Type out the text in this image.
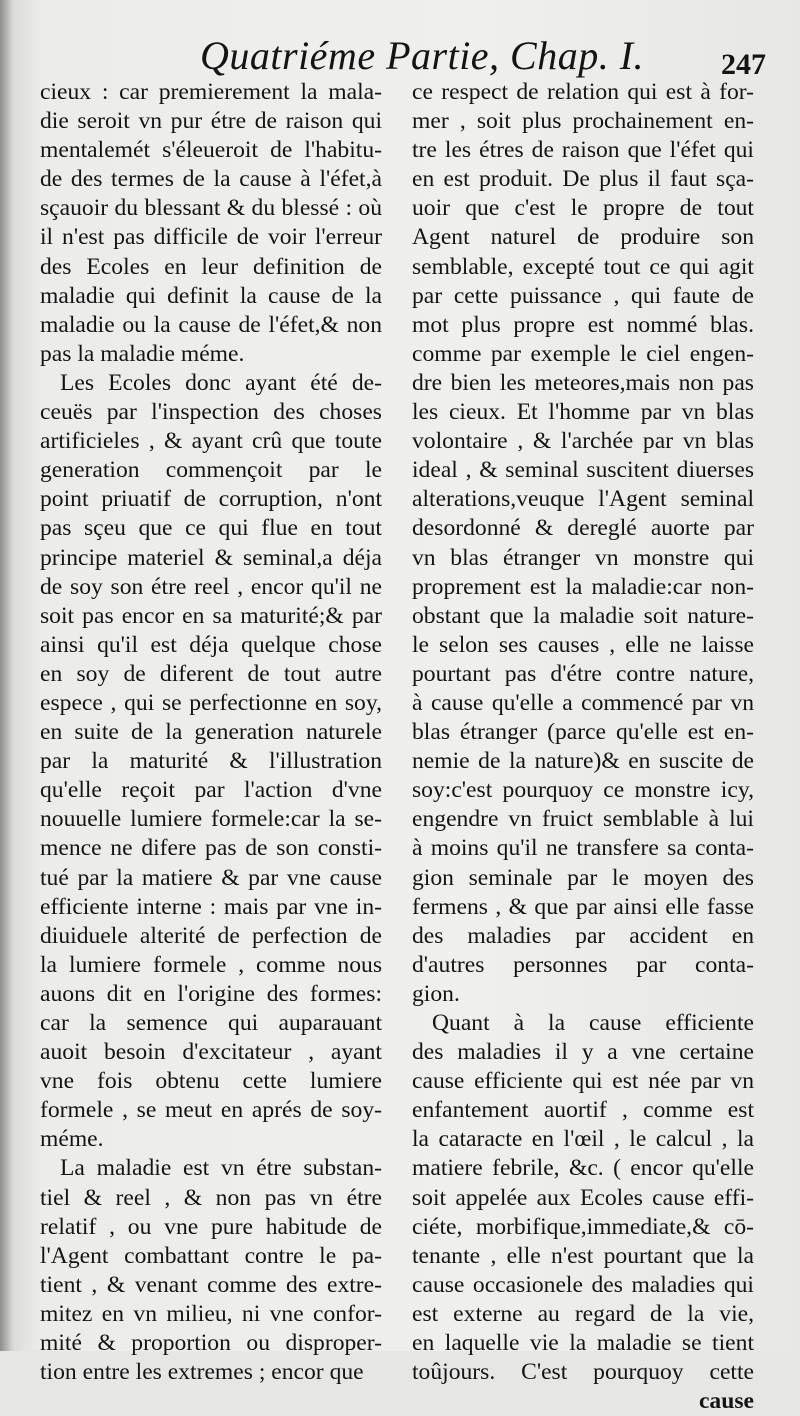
Quatriéme Partie, Chap. I.	247
cieux : car premierement la mala-
die seroit vn pur étre de raison qui
mentalemét s'éleueroit de l'habitu-
de des termes de la cause à l'éfet,à
sçauoir du blessant & du blessé : où
il n'est pas difficile de voir l'erreur
des Ecoles en leur definition de
maladie qui definit la cause de la
maladie ou la cause de l'éfet,& non
pas la maladie méme.
Les Ecoles donc ayant été de-
ceuës par l'inspection des choses
artificieles , & ayant crû que toute
generation commençoit par le
point priuatif de corruption, n'ont
pas sçeu que ce qui flue en tout
principe materiel & seminal,a déja
de soy son étre reel , encor qu'il ne
soit pas encor en sa maturité;& par
ainsi qu'il est déja quelque chose
en soy de diferent de tout autre
espece , qui se perfectionne en soy,
en suite de la generation naturele
par la maturité & l'illustration
qu'elle reçoit par l'action d'vne
nouuelle lumiere formele:car la se-
mence ne difere pas de son consti-
tué par la matiere & par vne cause
efficiente interne : mais par vne in-
diuiduele alterité de perfection de
la lumiere formele , comme nous
auons dit en l'origine des formes:
car la semence qui auparauant
auoit besoin d'excitateur , ayant
vne fois obtenu cette lumiere
formele , se meut en aprés de soy-
méme.
La maladie est vn étre substan-
tiel & reel , & non pas vn étre
relatif , ou vne pure habitude de
l'Agent combattant contre le pa-
tient , & venant comme des extre-
mitez en vn milieu, ni vne confor-
mité & proportion ou disproper-
tion entre les extremes ; encor que
ce respect de relation qui est à for-
mer , soit plus prochainement en-
tre les étres de raison que l'éfet qui
en est produit. De plus il faut sça-
uoir que c'est le propre de tout
Agent naturel de produire son
semblable, excepté tout ce qui agit
par cette puissance , qui faute de
mot plus propre est nommé blas.
comme par exemple le ciel engen-
dre bien les meteores,mais non pas
les cieux. Et l'homme par vn blas
volontaire , & l'archée par vn blas
ideal , & seminal suscitent diuerses
alterations,veuque l'Agent seminal
desordonné & dereglé auorte par
vn blas étranger vn monstre qui
proprement est la maladie:car non-
obstant que la maladie soit nature-
le selon ses causes , elle ne laisse
pourtant pas d'étre contre nature,
à cause qu'elle a commencé par vn
blas étranger (parce qu'elle est en-
nemie de la nature)& en suscite de
soy:c'est pourquoy ce monstre icy,
engendre vn fruict semblable à lui
à moins qu'il ne transfere sa conta-
gion seminale par le moyen des
fermens , & que par ainsi elle fasse
des maladies par accident en
d'autres personnes par conta-
gion.
Quant à la cause efficiente
des maladies il y a vne certaine
cause efficiente qui est née par vn
enfantement auortif , comme est
la cataracte en l'œil , le calcul , la
matiere febrile, &c. ( encor qu'elle
soit appelée aux Ecoles cause effi-
ciéte, morbifique,immediate,& cō-
tenante , elle n'est pourtant que la
cause occasionele des maladies qui
est externe au regard de la vie,
en laquelle vie la maladie se tient
toûjours. C'est pourquoy cette
cause
